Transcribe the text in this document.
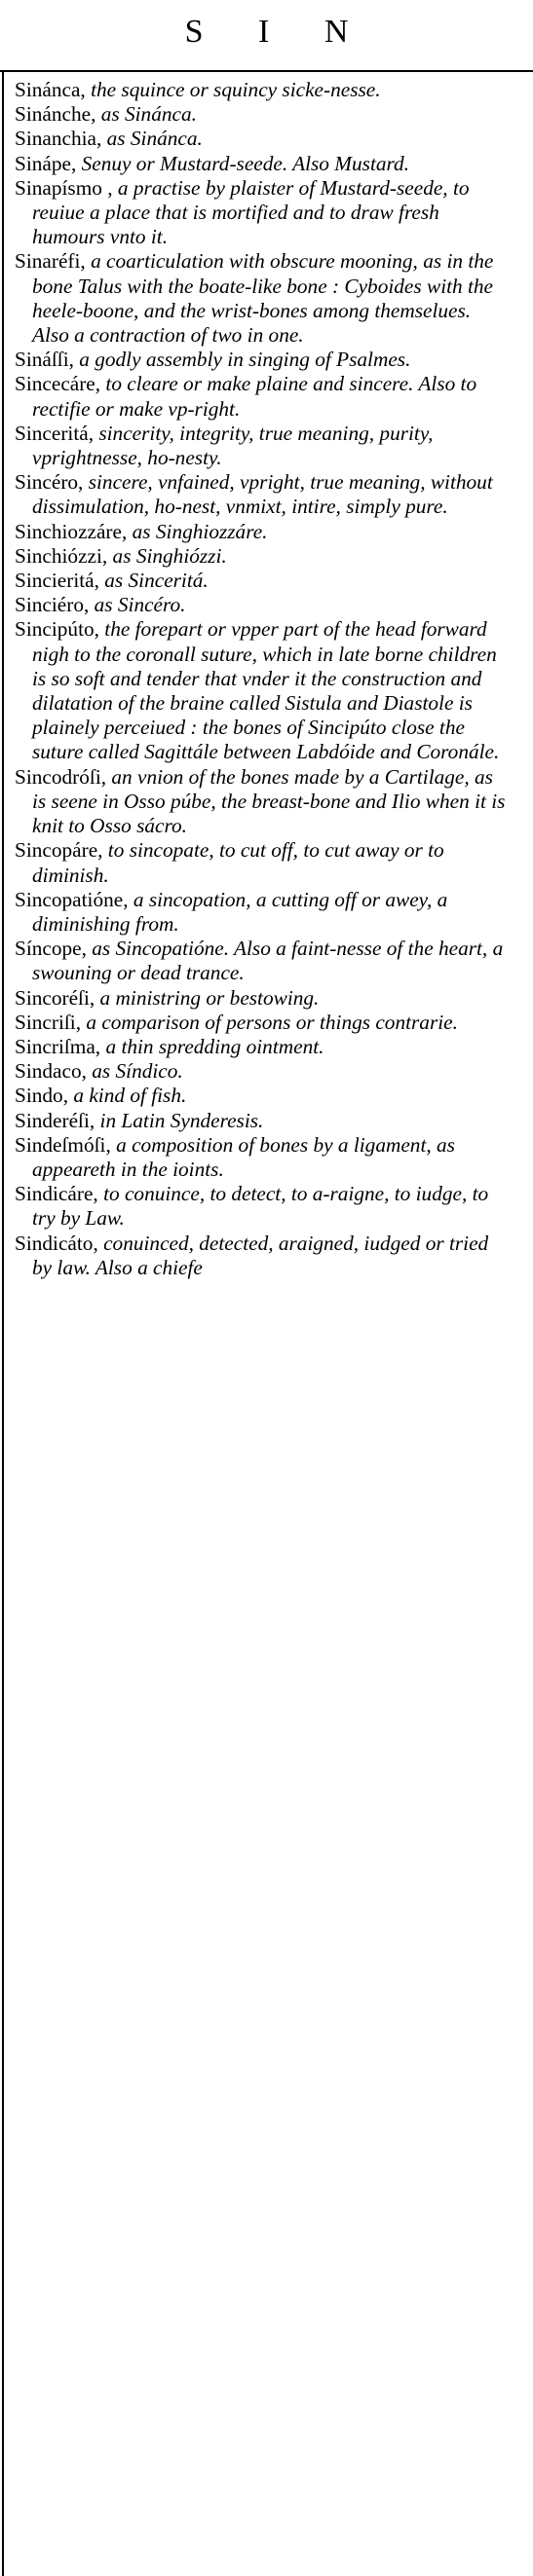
S I N

Sinánca, the squince or squincy sicke-nesse.

Sinánche, as Sinánca.

Sinanchia, as Sinánca.

Sinápe, Senuy or Mustard-seede. Also Mustard.

Sinapísmo , a practise by plaister of Mustard-seede, to reuiue a place that is mortified and to draw fresh humours vnto it.

Sinaréfi, a coarticulation with obscure mooning, as in the bone Talus with the boate-like bone : Cyboides with the heele-boone, and the wrist-bones among themselues. Also a contraction of two in one.

Sináſſi, a godly assembly in singing of Psalmes.

Sincecáre, to cleare or make plaine and sincere. Also to rectifie or make vp-right.

Sinceritá, sincerity, integrity, true meaning, purity, vprightnesse, ho-nesty.

Sincéro, sincere, vnfained, vpright, true meaning, without dissimulation, ho-nest, vnmixt, intire, simply pure.

Sinchiozzáre, as Singhiozzáre.

Sinchiózzi, as Singhiózzi.

Sincieritá, as Sinceritá.

Sinciéro, as Sincéro.

Sincipúto, the forepart or vpper part of the head forward nigh to the coronall suture, which in late borne children is so soft and tender that vnder it the construction and dilatation of the braine called Sistula and Diastole is plainely perceiued : the bones of Sincipúto close the suture called Sagittále between Labdóide and Coronále.

Sincodróſi, an vnion of the bones made by a Cartilage, as is seene in Osso púbe, the breast-bone and Ilio when it is knit to Osso sácro.

Sincopáre, to sincopate, to cut off, to cut away or to diminish.

Sincopatióne, a sincopation, a cutting off or awey, a diminishing from.

Síncope, as Sincopatióne. Also a faint-nesse of the heart, a swouning or dead trance.

Sincoréſi, a ministring or bestowing.

Sincriſi, a comparison of persons or things contrarie.

Sincriſma, a thin spredding ointment.

Sindaco, as Síndico.

Sindo, a kind of fish.

Sinderéſi, in Latin Synderesis.

Sindeſmóſi, a composition of bones by a ligament, as appeareth in the ioints.

Sindicáre, to conuince, to detect, to a-raigne, to iudge, to try by Law.

Sindicáto, conuinced, detected, araigned, iudged or tried by law. Also a chiefe
